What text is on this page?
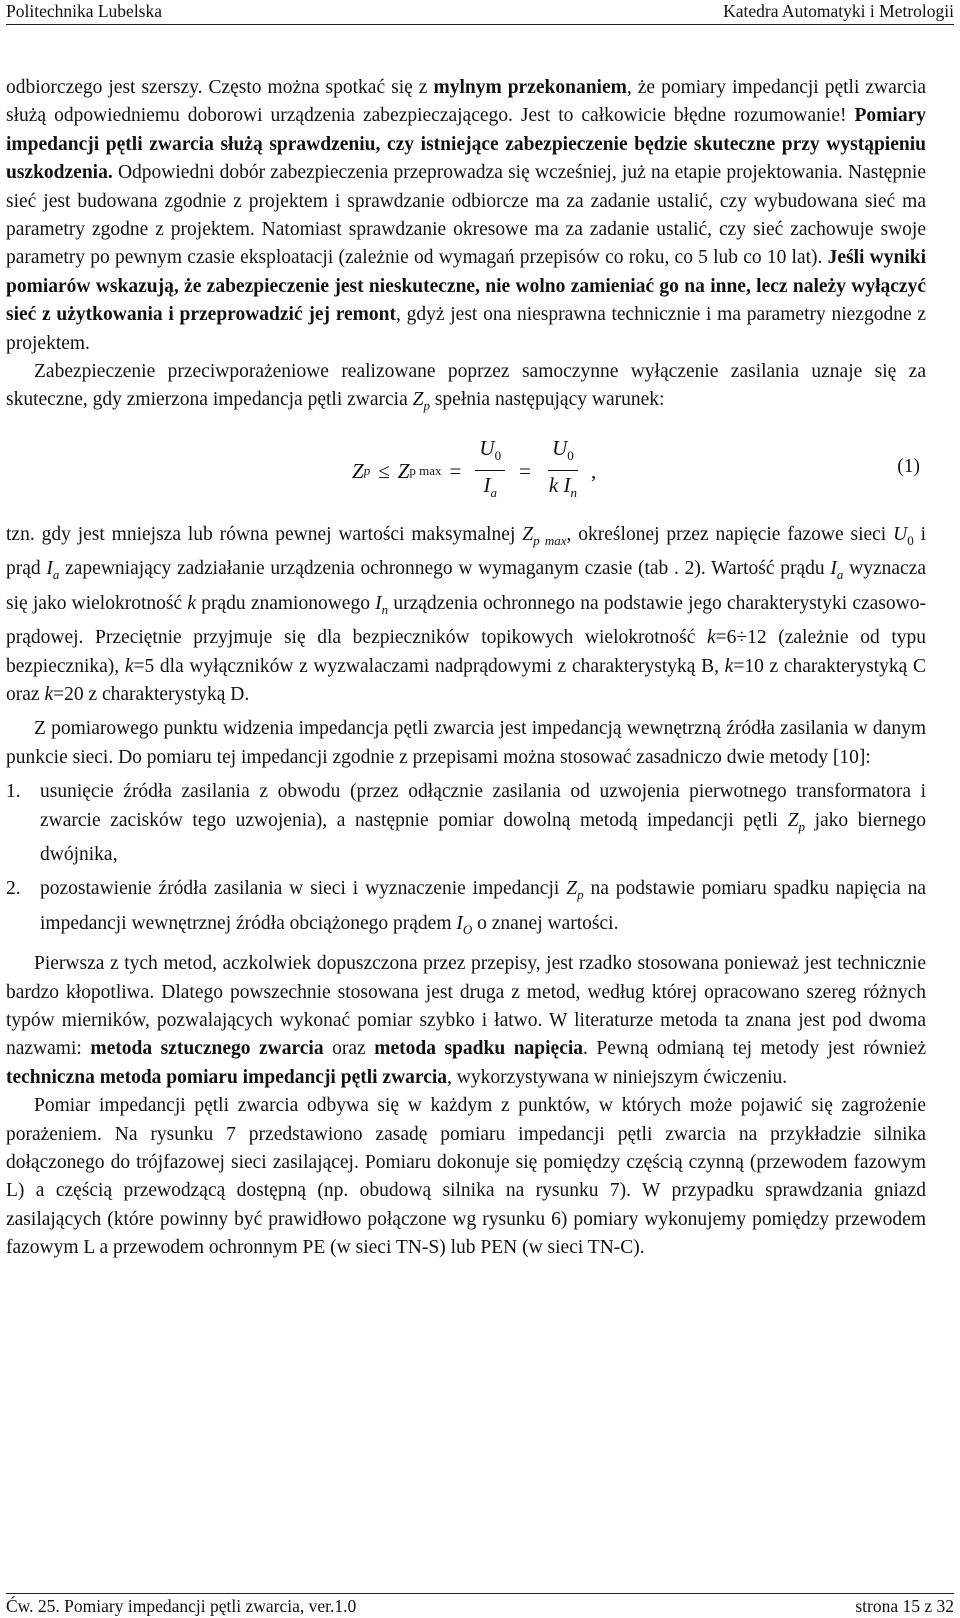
Politechnika Lubelska	Katedra Automatyki i Metrologii

odbiorczego jest szerszy. Często można spotkać się z mylnym przekonaniem, że pomiary impedancji pętli zwarcia służą odpowiedniemu doborowi urządzenia zabezpieczającego. Jest to całkowicie błędne rozumowanie! Pomiary impedancji pętli zwarcia służą sprawdzeniu, czy istniejące zabezpieczenie będzie skuteczne przy wystąpieniu uszkodzenia. Odpowiedni dobór zabezpieczenia przeprowadza się wcześniej, już na etapie projektowania. Następnie sieć jest budowana zgodnie z projektem i sprawdzanie odbiorcze ma za zadanie ustalić, czy wybudowana sieć ma parametry zgodne z projektem. Natomiast sprawdzanie okresowe ma za zadanie ustalić, czy sieć zachowuje swoje parametry po pewnym czasie eksploatacji (zależnie od wymagań przepisów co roku, co 5 lub co 10 lat). Jeśli wyniki pomiarów wskazują, że zabezpieczenie jest nieskuteczne, nie wolno zamieniać go na inne, lecz należy wyłączyć sieć z użytkowania i przeprowadzić jej remont, gdyż jest ona niesprawna technicznie i ma parametry niezgodne z projektem.

Zabezpieczenie przeciwporażeniowe realizowane poprzez samoczynne wyłączenie zasilania uznaje się za skuteczne, gdy zmierzona impedancja pętli zwarcia $Z_p$ spełnia następujący warunek:

Z p ≤ Z p $\max = \frac{U_0}{I_a} = \frac{U_0}{k I_n}$ ,	(1)

tzn. gdy jest mniejsza lub równa pewnej wartości maksymalnej $Z_{p max}$, określonej przez napięcie fazowe sieci $U_0$ i prąd $I_a$ zapewniający zadziałanie urządzenia ochronnego w wymaganym czasie (tab . 2). Wartość prądu $I_a$ wyznacza się jako wielokrotność k prądu znamionowego $I_n$ urządzenia ochronnego na podstawie jego charakterystyki czasowo-prądowej. Przeciętnie przyjmuje się dla bezpieczników topikowych wielokrotność k=6÷12 (zależnie od typu bezpiecznika), k=5 dla wyłączników z wyzwalaczami nadprądowymi z charakterystyką B, k=10 z charakterystyką C oraz k=20 z charakterystyką D.

Z pomiarowego punktu widzenia impedancja pętli zwarcia jest impedancją wewnętrzną źródła zasilania w danym punkcie sieci. Do pomiaru tej impedancji zgodnie z przepisami można stosować zasadniczo dwie metody [10]:

1. usunięcie źródła zasilania z obwodu (przez odłącznie zasilania od uzwojenia pierwotnego transformatora i zwarcie zacisków tego uzwojenia), a następnie pomiar dowolną metodą impedancji pętli $Z_p$ jako biernego dwójnika,

2. pozostawienie źródła zasilania w sieci i wyznaczenie impedancji $Z_p$ na podstawie pomiaru spadku napięcia na impedancji wewnętrznej źródła obciążonego prądem $I_O$ o znanej wartości.

Pierwsza z tych metod, aczkolwiek dopuszczona przez przepisy, jest rzadko stosowana ponieważ jest technicznie bardzo kłopotliwa. Dlatego powszechnie stosowana jest druga z metod, według której opracowano szereg różnych typów mierników, pozwalających wykonać pomiar szybko i łatwo. W literaturze metoda ta znana jest pod dwoma nazwami: metoda sztucznego zwarcia oraz metoda spadku napięcia. Pewną odmianą tej metody jest również techniczna metoda pomiaru impedancji pętli zwarcia, wykorzystywana w niniejszym ćwiczeniu.

Pomiar impedancji pętli zwarcia odbywa się w każdym z punktów, w których może pojawić się zagrożenie porażeniem. Na rysunku 7 przedstawiono zasadę pomiaru impedancji pętli zwarcia na przykładzie silnika dołączonego do trójfazowej sieci zasilającej. Pomiaru dokonuje się pomiędzy częścią czynną (przewodem fazowym L) a częścią przewodzącą dostępną (np. obudową silnika na rysunku 7). W przypadku sprawdzania gniazd zasilających (które powinny być prawidłowo połączone wg rysunku 6) pomiary wykonujemy pomiędzy przewodem fazowym L a przewodem ochronnym PE (w sieci TN-S) lub PEN (w sieci TN-C).

Ćw. 25. Pomiary impedancji pętli zwarcia, ver.1.0	strona 15 z 32
